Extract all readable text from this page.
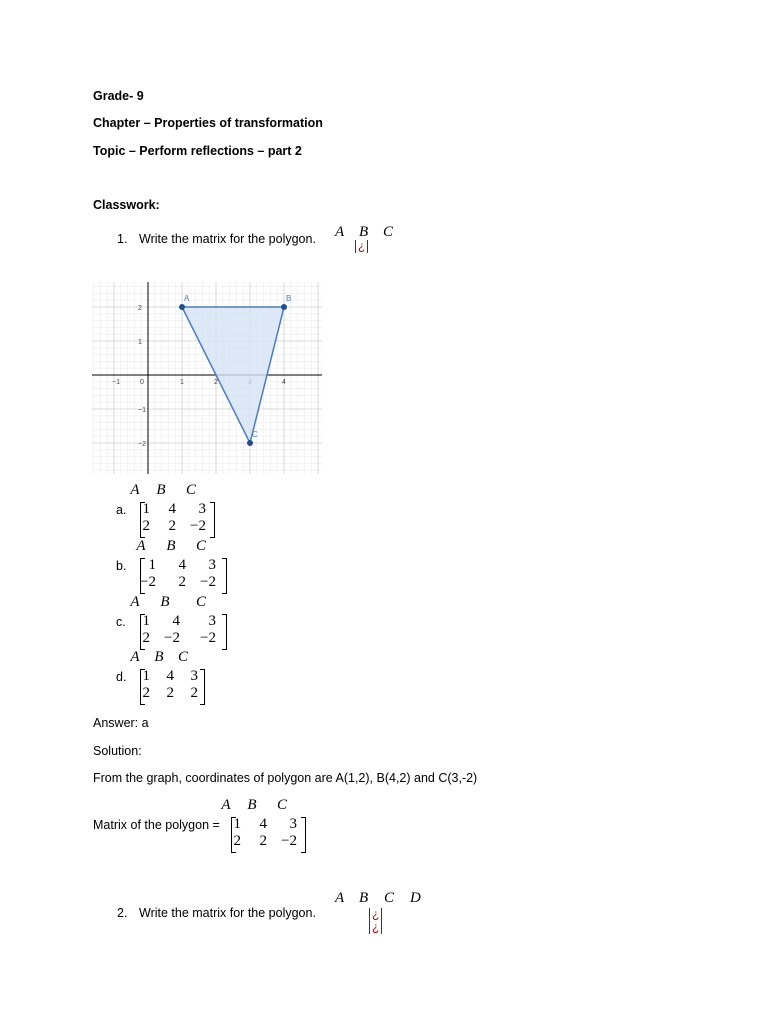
Grade- 9
Chapter – Properties of transformation
Topic – Perform reflections – part 2
Classwork:
1. Write the matrix for the polygon. A B C
¿
−1	0	1	2	4
2
1
−1
−2
A	B
C
a.
A	B	C
1	4	3
2	2 −2
b.
A	B	C
1	4	3
−2	2 −2
c.
A	B	C
1	4	3
2 −2	−2
d.
A B C
1	4	3
2	2	2
Answer: a
Solution:
From the graph, coordinates of polygon are A(1,2), B(4,2) and C(3,-2)
Matrix of the polygon =
A	B	C
1	4	3
2	2 −2
2. Write the matrix for the polygon.
A B C D
¿
¿
